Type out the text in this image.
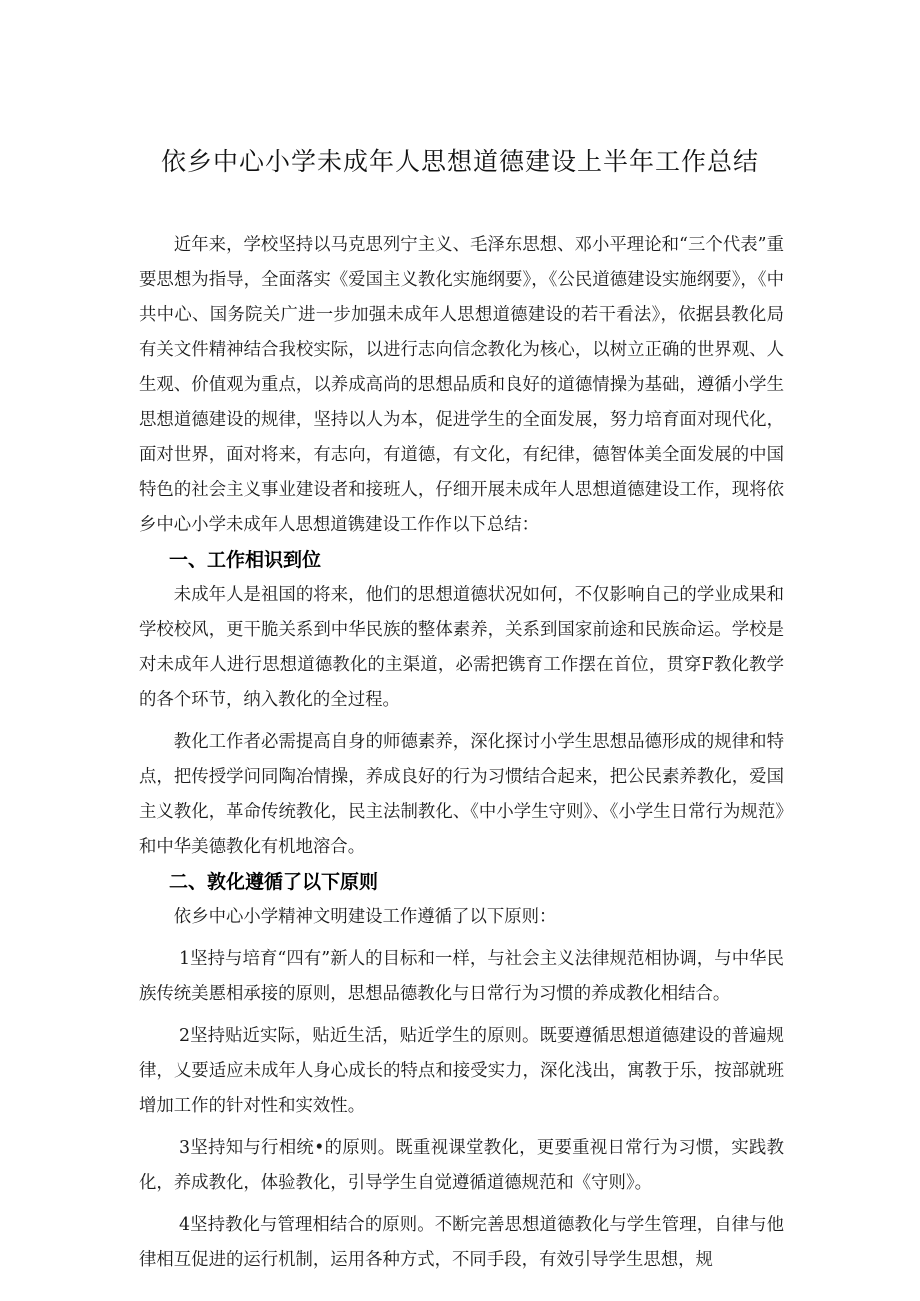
依乡中心小学未成年人思想道德建设上半年工作总结

近年来，学校坚持以马克思列宁主义、毛泽东思想、邓小平理论和“三个代表”重要思想为指导，全面落实《爱国主义教化实施纲要》，《公民道德建设实施纲要》，《中共中心、国务院关广进一步加强未成年人思想道德建设的若干看法》，依据县教化局有关文件精神结合我校实际，以进行志向信念教化为核心，以树立正确的世界观、人生观、价值观为重点，以养成高尚的思想品质和良好的道德情操为基础，遵循小学生思想道德建设的规律，坚持以人为本，促进学生的全面发展，努力培育面对现代化，面对世界，面对将来，有志向，有道德，有文化，有纪律，德智体美全面发展的中国特色的社会主义事业建设者和接班人，仔细开展未成年人思想道德建设工作，现将依乡中心小学未成年人思想道镌建设工作作以下总结：

一、工作相识到位

未成年人是祖国的将来，他们的思想道德状况如何，不仅影响自己的学业成果和学校校风，更干脆关系到中华民族的整体素养，关系到国家前途和民族命运。学校是对未成年人进行思想道德教化的主渠道，必需把镌育工作摆在首位，贯穿F教化教学的各个环节，纳入教化的全过程。

教化工作者必需提高自身的师德素养，深化探讨小学生思想品德形成的规律和特点，把传授学问同陶冶情操，养成良好的行为习惯结合起来，把公民素养教化，爱国主义教化，革命传统教化，民主法制教化、《中小学生守则》、《小学生日常行为规范》和中华美德教化有机地溶合。

二、敦化遵循了以下原则

依乡中心小学精神文明建设工作遵循了以下原则：

1坚持与培育“四有”新人的目标和一样，与社会主义法律规范相协调，与中华民族传统美慝相承接的原则，思想品德教化与日常行为习惯的养成教化相结合。

2坚持贴近实际，贴近生活，贴近学生的原则。既要遵循思想道德建设的普遍规律，乂要适应未成年人身心成长的特点和接受实力，深化浅出，寓教于乐，按部就班增加工作的针对性和实效性。

3坚持知与行相统•的原则。既重视课堂教化，更要重视日常行为习惯，实践教化，养成教化，体验教化，引导学生自觉遵循道德规范和《守则》。

4坚持教化与管理相结合的原则。不断完善思想道德教化与学生管理，自律与他律相互促进的运行机制，运用各种方式，不同手段，有效引导学生思想，规
